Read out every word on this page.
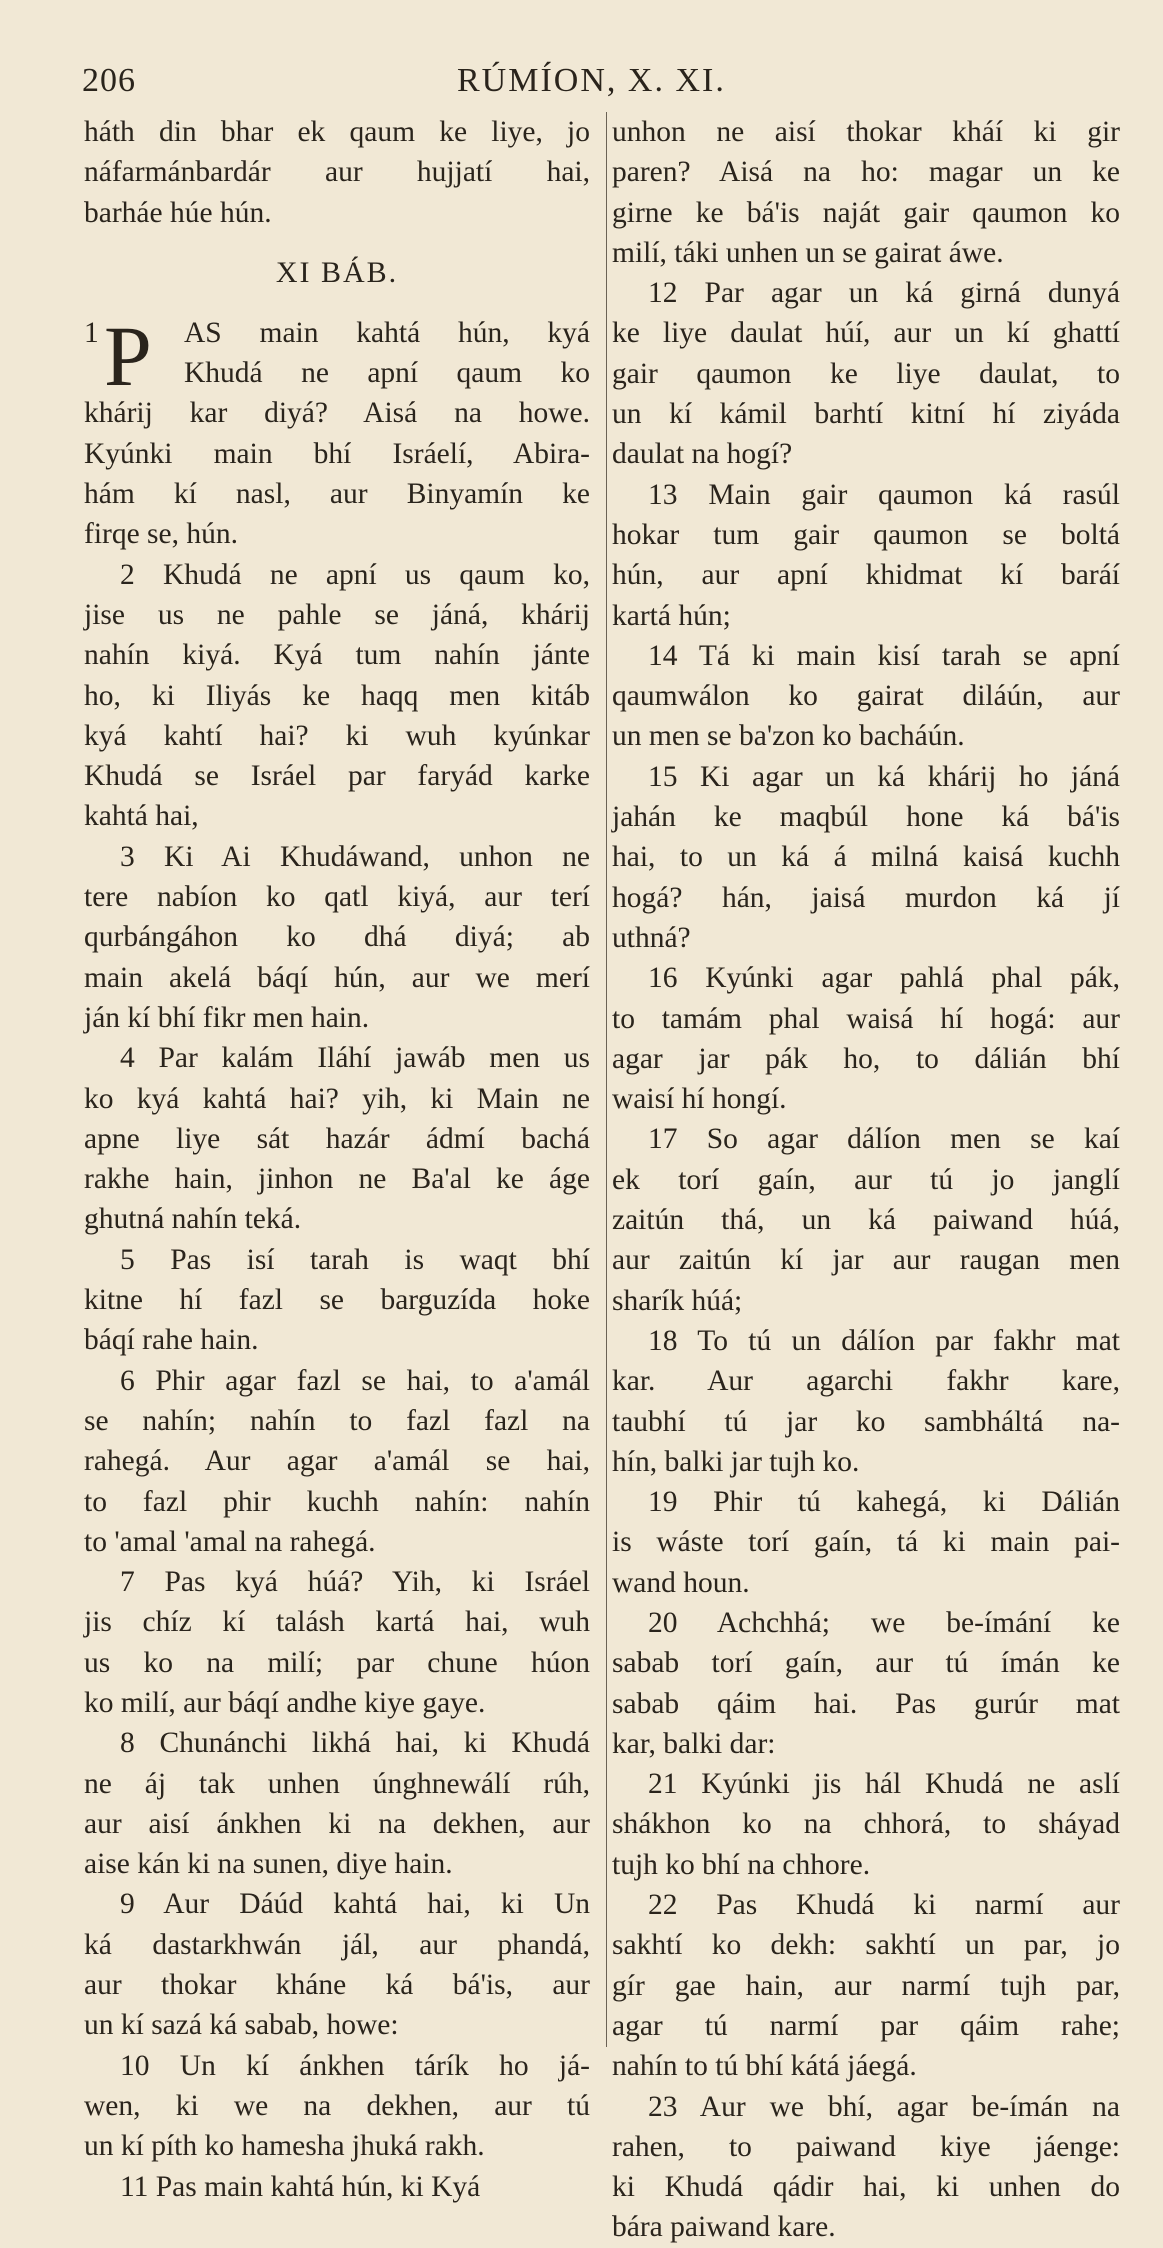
206	RÚMÍON, X. XI.
háth din bhar ek qaum ke liye, jo
náfarmánbardár aur hujjatí hai,
barháe húe hún.
XI BÁB.
1 P AS main kahtá hún, kyá
Khudá ne apní qaum ko
khárij kar diyá? Aisá na howe.
Kyúnki main bhí Isráelí, Abira-
hám kí nasl, aur Binyamín ke
firqe se, hún.
2 Khudá ne apní us qaum ko,
jise us ne pahle se jáná, khárij
nahín kiyá. Kyá tum nahín jánte
ho, ki Iliyás ke haqq men kitáb
kyá kahtí hai? ki wuh kyúnkar
Khudá se Isráel par faryád karke
kahtá hai,
3 Ki Ai Khudáwand, unhon ne
tere nabíon ko qatl kiyá, aur terí
qurbángáhon ko dhá diyá; ab
main akelá báqí hún, aur we merí
ján kí bhí fikr men hain.
4 Par kalám Iláhí jawáb men us
ko kyá kahtá hai? yih, ki Main ne
apne liye sát hazár ádmí bachá
rakhe hain, jinhon ne Ba'al ke áge
ghutná nahín teká.
5 Pas isí tarah is waqt bhí
kitne hí fazl se barguzída hoke
báqí rahe hain.
6 Phir agar fazl se hai, to a'amál
se nahín; nahín to fazl fazl na
rahegá. Aur agar a'amál se hai,
to fazl phir kuchh nahín: nahín
to 'amal 'amal na rahegá.
7 Pas kyá húá? Yih, ki Isráel
jis chíz kí talásh kartá hai, wuh
us ko na milí; par chune húon
ko milí, aur báqí andhe kiye gaye.
8 Chunánchi likhá hai, ki Khudá
ne áj tak unhen únghnewálí rúh,
aur aisí ánkhen ki na dekhen, aur
aise kán ki na sunen, diye hain.
9 Aur Dáúd kahtá hai, ki Un
ká dastarkhwán jál, aur phandá,
aur thokar kháne ká bá'is, aur
un kí sazá ká sabab, howe:
10 Un kí ánkhen tárík ho já-
wen, ki we na dekhen, aur tú
un kí píth ko hamesha jhuká rakh.
11 Pas main kahtá hún, ki Kyá
unhon ne aisí thokar kháí ki gir
paren? Aisá na ho: magar un ke
girne ke bá'is naját gair qaumon ko
milí, táki unhen un se gairat áwe.
12 Par agar un ká girná dunyá
ke liye daulat húí, aur un kí ghattí
gair qaumon ke liye daulat, to
un kí kámil barhtí kitní hí ziyáda
daulat na hogí?
13 Main gair qaumon ká rasúl
hokar tum gair qaumon se boltá
hún, aur apní khidmat kí baráí
kartá hún;
14 Tá ki main kisí tarah se apní
qaumwálon ko gairat diláún, aur
un men se ba'zon ko bacháún.
15 Ki agar un ká khárij ho jáná
jahán ke maqbúl hone ká bá'is
hai, to un ká á milná kaisá kuchh
hogá? hán, jaisá murdon ká jí
uthná?
16 Kyúnki agar pahlá phal pák,
to tamám phal waisá hí hogá: aur
agar jar pák ho, to dálián bhí
waisí hí hongí.
17 So agar dálíon men se kaí
ek torí gaín, aur tú jo janglí
zaitún thá, un ká paiwand húá,
aur zaitún kí jar aur raugan men
sharík húá;
18 To tú un dálíon par fakhr mat
kar. Aur agarchi fakhr kare,
taubhí tú jar ko sambháltá na-
hín, balki jar tujh ko.
19 Phir tú kahegá, ki Dálián
is wáste torí gaín, tá ki main pai-
wand houn.
20 Achchhá; we be-ímání ke
sabab torí gaín, aur tú ímán ke
sabab qáim hai. Pas gurúr mat
kar, balki dar:
21 Kyúnki jis hál Khudá ne aslí
shákhon ko na chhorá, to sháyad
tujh ko bhí na chhore.
22 Pas Khudá ki narmí aur
sakhtí ko dekh: sakhtí un par, jo
gír gae hain, aur narmí tujh par,
agar tú narmí par qáim rahe;
nahín to tú bhí kátá jáegá.
23 Aur we bhí, agar be-ímán na
rahen, to paiwand kiye jáenge:
ki Khudá qádir hai, ki unhen do
bára paiwand kare.
